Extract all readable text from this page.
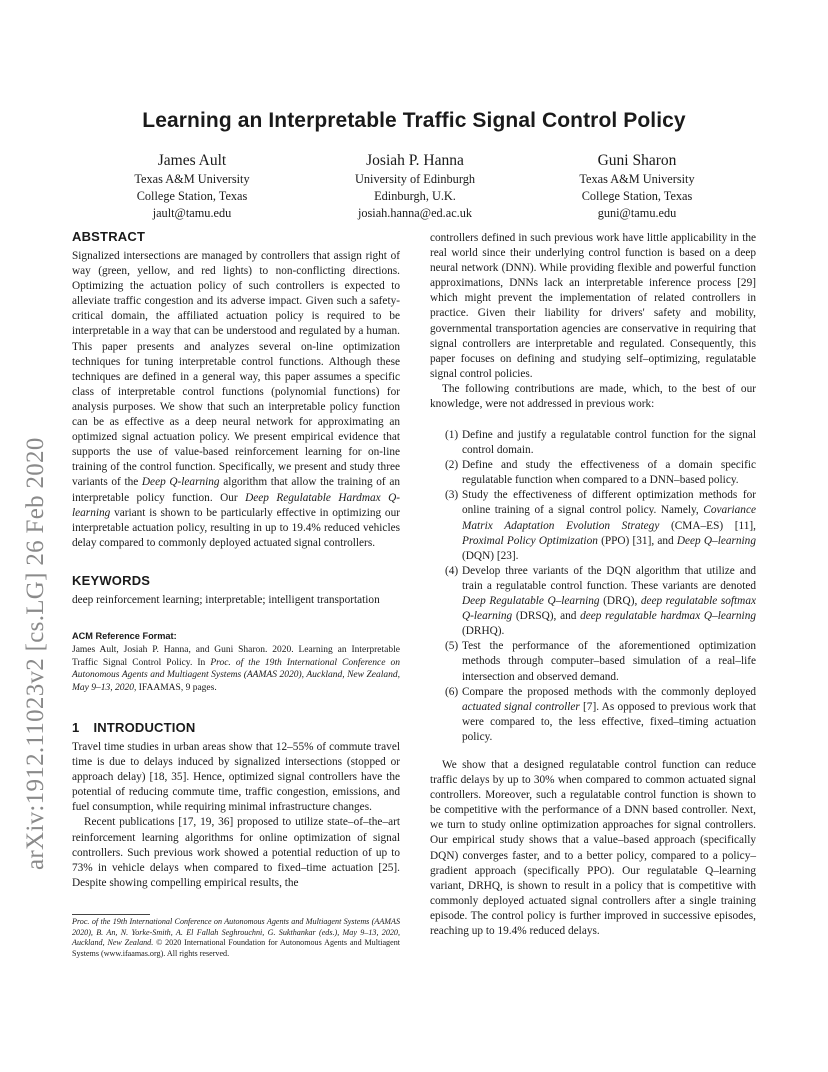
arXiv:1912.11023v2 [cs.LG] 26 Feb 2020
Learning an Interpretable Traffic Signal Control Policy
James Ault
Texas A&M University
College Station, Texas
jault@tamu.edu
Josiah P. Hanna
University of Edinburgh
Edinburgh, U.K.
josiah.hanna@ed.ac.uk
Guni Sharon
Texas A&M University
College Station, Texas
guni@tamu.edu
ABSTRACT

Signalized intersections are managed by controllers that assign right of way (green, yellow, and red lights) to non-conflicting directions. Optimizing the actuation policy of such controllers is expected to alleviate traffic congestion and its adverse impact. Given such a safety-critical domain, the affiliated actuation policy is required to be interpretable in a way that can be understood and regulated by a human. This paper presents and analyzes several on-line optimization techniques for tuning interpretable control functions. Although these techniques are defined in a general way, this paper assumes a specific class of interpretable control functions (polynomial functions) for analysis purposes. We show that such an interpretable policy function can be as effective as a deep neural network for approximating an optimized signal actuation policy. We present empirical evidence that supports the use of value-based reinforcement learning for on-line training of the control function. Specifically, we present and study three variants of the Deep Q-learning algorithm that allow the training of an interpretable policy function. Our Deep Regulatable Hardmax Q-learning variant is shown to be particularly effective in optimizing our interpretable actuation policy, resulting in up to 19.4% reduced vehicles delay compared to commonly deployed actuated signal controllers.

KEYWORDS
deep reinforcement learning; interpretable; intelligent transportation
ACM Reference Format:
James Ault, Josiah P. Hanna, and Guni Sharon. 2020. Learning an Interpretable Traffic Signal Control Policy. In Proc. of the 19th International Conference on Autonomous Agents and Multiagent Systems (AAMAS 2020), Auckland, New Zealand, May 9–13, 2020, IFAAMAS, 9 pages.
1 INTRODUCTION

Travel time studies in urban areas show that 12–55% of commute travel time is due to delays induced by signalized intersections (stopped or approach delay) [18, 35]. Hence, optimized signal controllers have the potential of reducing commute time, traffic congestion, emissions, and fuel consumption, while requiring minimal infrastructure changes.

Recent publications [17, 19, 36] proposed to utilize state–of–the–art reinforcement learning algorithms for online optimization of signal controllers. Such previous work showed a potential reduction of up to 73% in vehicle delays when compared to fixed–time actuation [25]. Despite showing compelling empirical results, the

Proc. of the 19th International Conference on Autonomous Agents and Multiagent Systems (AAMAS 2020), B. An, N. Yorke-Smith, A. El Fallah Seghrouchni, G. Sukthankar (eds.), May 9–13, 2020, Auckland, New Zealand. © 2020 International Foundation for Autonomous Agents and Multiagent Systems (www.ifaamas.org). All rights reserved.

controllers defined in such previous work have little applicability in the real world since their underlying control function is based on a deep neural network (DNN). While providing flexible and powerful function approximations, DNNs lack an interpretable inference process [29] which might prevent the implementation of related controllers in practice. Given their liability for drivers' safety and mobility, governmental transportation agencies are conservative in requiring that signal controllers are interpretable and regulated. Consequently, this paper focuses on defining and studying self–optimizing, regulatable signal control policies.

The following contributions are made, which, to the best of our knowledge, were not addressed in previous work:

(1) Define and justify a regulatable control function for the signal control domain.
(2) Define and study the effectiveness of a domain specific regulatable function when compared to a DNN–based policy.
(3) Study the effectiveness of different optimization methods for online training of a signal control policy. Namely, Covariance Matrix Adaptation Evolution Strategy (CMA–ES) [11], Proximal Policy Optimization (PPO) [31], and Deep Q–learning (DQN) [23].
(4) Develop three variants of the DQN algorithm that utilize and train a regulatable control function. These variants are denoted Deep Regulatable Q–learning (DRQ), deep regulatable softmax Q-learning (DRSQ), and deep regulatable hardmax Q–learning (DRHQ).
(5) Test the performance of the aforementioned optimization methods through computer–based simulation of a real–life intersection and observed demand.
(6) Compare the proposed methods with the commonly deployed actuated signal controller [7]. As opposed to previous work that were compared to, the less effective, fixed–timing actuation policy.

We show that a designed regulatable control function can reduce traffic delays by up to 30% when compared to common actuated signal controllers. Moreover, such a regulatable control function is shown to be competitive with the performance of a DNN based controller. Next, we turn to study online optimization approaches for signal controllers. Our empirical study shows that a value–based approach (specifically DQN) converges faster, and to a better policy, compared to a policy–gradient approach (specifically PPO). Our regulatable Q–learning variant, DRHQ, is shown to result in a policy that is competitive with commonly deployed actuated signal controllers after a single training episode. The control policy is further improved in successive episodes, reaching up to 19.4% reduced delays.
